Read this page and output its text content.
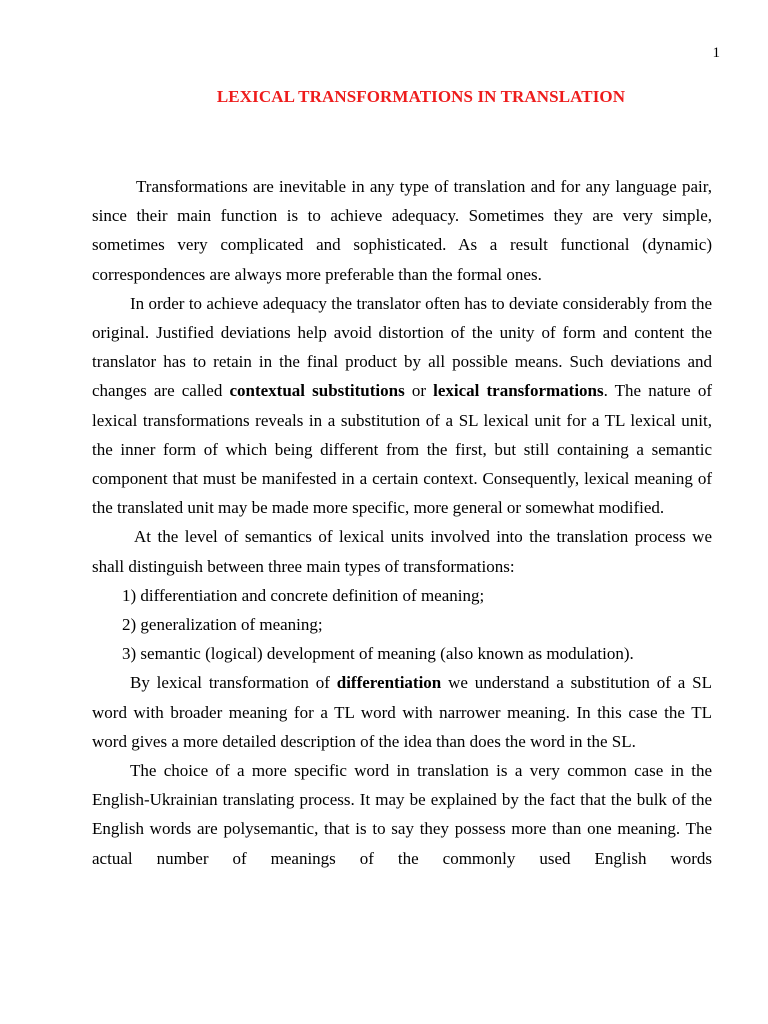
1
LEXICAL TRANSFORMATIONS IN TRANSLATION

Transformations are inevitable in any type of translation and for any language pair, since their main function is to achieve adequacy. Sometimes they are very simple, sometimes very complicated and sophisticated. As a result functional (dynamic) correspondences are always more preferable than the formal ones.

In order to achieve adequacy the translator often has to deviate considerably from the original. Justified deviations help avoid distortion of the unity of form and content the translator has to retain in the final product by all possible means. Such deviations and changes are called contextual substitutions or lexical transformations. The nature of lexical transformations reveals in a substitution of a SL lexical unit for a TL lexical unit, the inner form of which being different from the first, but still containing a semantic component that must be manifested in a certain context. Consequently, lexical meaning of the translated unit may be made more specific, more general or somewhat modified.

At the level of semantics of lexical units involved into the translation process we shall distinguish between three main types of transformations:

1) differentiation and concrete definition of meaning;

2) generalization of meaning;

3) semantic (logical) development of meaning (also known as modulation).

By lexical transformation of differentiation we understand a substitution of a SL word with broader meaning for a TL word with narrower meaning. In this case the TL word gives a more detailed description of the idea than does the word in the SL.

The choice of a more specific word in translation is a very common case in the English-Ukrainian translating process. It may be explained by the fact that the bulk of the English words are polysemantic, that is to say they possess more than one meaning. The actual number of meanings of the commonly used English words
